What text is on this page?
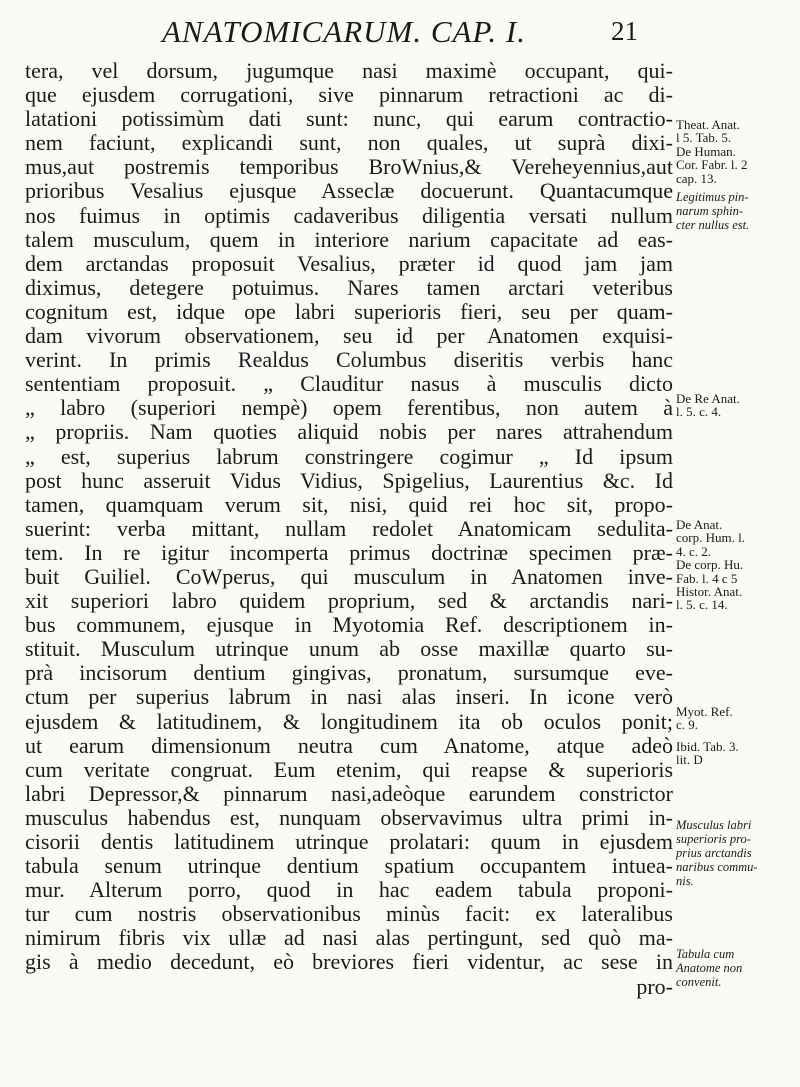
ANATOMICARUM. CAP. I.	21
tera, vel dorsum, jugumque nasi maximè occupant, qui-
que ejusdem corrugationi, sive pinnarum retractioni ac di-
latationi potissimùm dati sunt: nunc, qui earum contractio-
nem faciunt, explicandi sunt, non quales, ut suprà dixi-
mus,aut postremis temporibus BroWnius,& Vereheyennius,aut
prioribus Vesalius ejusque Asseclæ docuerunt. Quantacumque
nos fuimus in optimis cadaveribus diligentia versati nullum
talem musculum, quem in interiore narium capacitate ad eas-
dem arctandas proposuit Vesalius, præter id quod jam jam
diximus, detegere potuimus. Nares tamen arctari veteribus
cognitum est, idque ope labri superioris fieri, seu per quam-
dam vivorum observationem, seu id per Anatomen exquisi-
verint. In primis Realdus Columbus diseritis verbis hanc
sententiam proposuit. „ Clauditur nasus à musculis dicto
„ labro (superiori nempè) opem ferentibus, non autem à
„ propriis. Nam quoties aliquid nobis per nares attrahendum
„ est, superius labrum constringere cogimur „ Id ipsum
post hunc asseruit Vidus Vidius, Spigelius, Laurentius &c. Id
tamen, quamquam verum sit, nisi, quid rei hoc sit, propo-
suerint: verba mittant, nullam redolet Anatomicam sedulita-
tem. In re igitur incomperta primus doctrinæ specimen præ-
buit Guiliel. CoWperus, qui musculum in Anatomen invе-
xit superiori labro quidem proprium, sed & arctandis nari-
bus communem, ejusque in Myotomia Ref. descriptionem in-
stituit. Musculum utrinque unum ab osse maxillæ quarto su-
prà incisorum dentium gingivas, pronatum, sursumque eve-
ctum per superius labrum in nasi alas inseri. In icone verò
ejusdem & latitudinem, & longitudinem ita ob oculos ponit;
ut earum dimensionum neutra cum Anatome, atque adeò
cum veritate congruat. Eum etenim, qui reapse & superioris
labri Depressor,& pinnarum nasi,adeòque earundem constrictor
musculus habendus est, nunquam observavimus ultra primi in-
cisorii dentis latitudinem utrinque prolatari: quum in ejusdem
tabula senum utrinque dentium spatium occupantem intuea-
mur. Alterum porro, quod in hac eadem tabula proponi-
tur cum nostris observationibus minùs facit: ex lateralibus
nimirum fibris vix ullæ ad nasi alas pertingunt, sed quò ma-
gis à medio decedunt, eò breviores fieri videntur, ac sese in
pro-
Theat. Anat.
l 5. Tab. 5.
De Human.
Cor. Fabr. l. 2
cap. 13.
Legitimus pin-
narum sphin-
cter nullus est.
De Re Anat.
l. 5. c. 4.
De Anat.
corp. Hum. l.
4. c. 2.
De corp. Hu.
Fab. l. 4 c 5
Histor. Anat.
l. 5. c. 14.
Myot. Ref.
c. 9.
Ibid. Tab. 3.
lit. D
Musculus labri
superioris pro-
prius arctandis
naribus commu-
nis.
Tabula cum
Anatome non
convenit.
